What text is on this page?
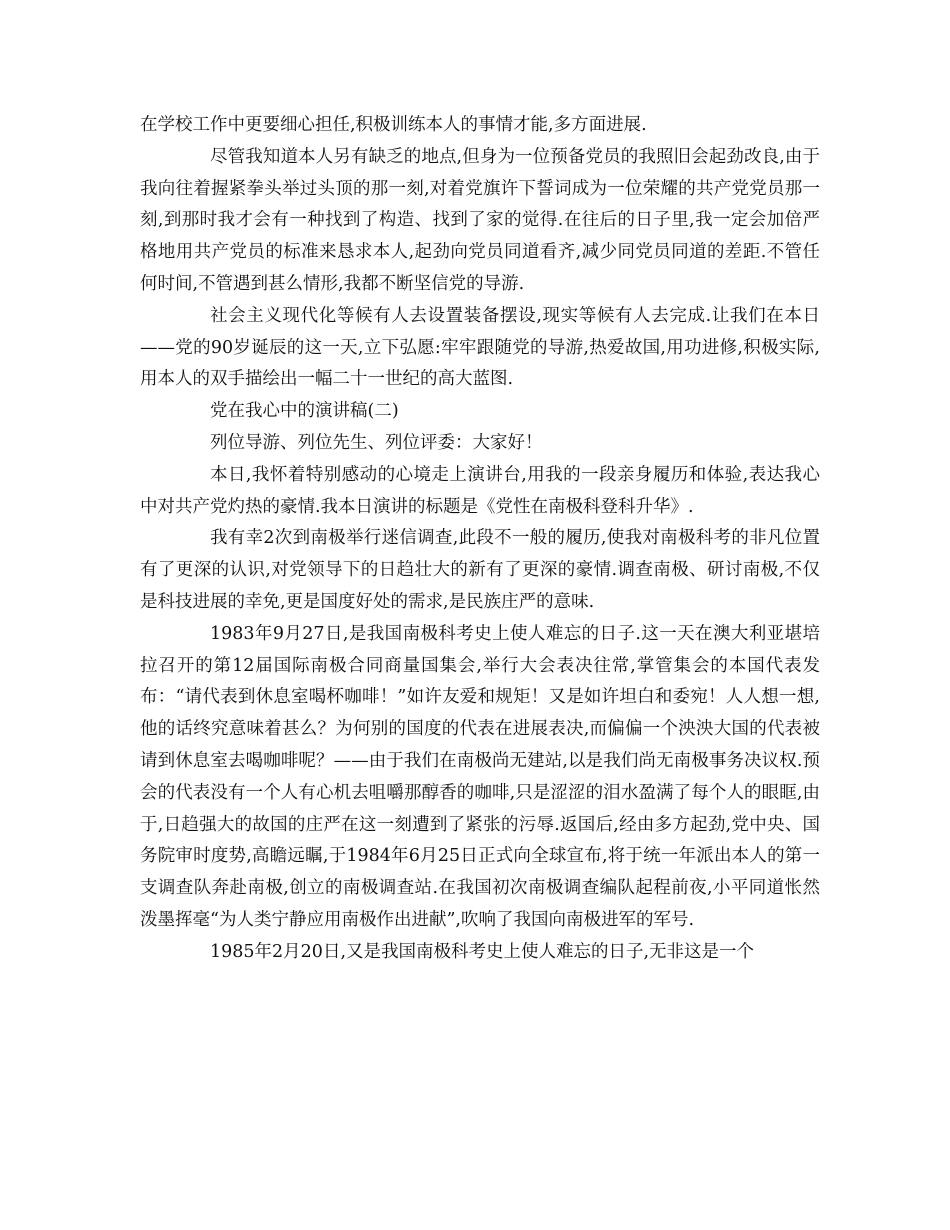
在学校工作中更要细心担任,积极训练本人的事情才能,多方面进展.

尽管我知道本人另有缺乏的地点,但身为一位预备党员的我照旧会起劲改良,由于我向往着握紧拳头举过头顶的那一刻,对着党旗许下誓词成为一位荣耀的共产党党员那一刻,到那时我才会有一种找到了构造、找到了家的觉得.在往后的日子里,我一定会加倍严格地用共产党员的标准来恳求本人,起劲向党员同道看齐,减少同党员同道的差距.不管任何时间,不管遇到甚么情形,我都不断坚信党的导游.

社会主义现代化等候有人去设置装备摆设,现实等候有人去完成.让我们在本日——党的90岁诞辰的这一天,立下弘愿:牢牢跟随党的导游,热爱故国,用功进修,积极实际,用本人的双手描绘出一幅二十一世纪的高大蓝图.

党在我心中的演讲稿(二)

列位导游、列位先生、列位评委：大家好！

本日,我怀着特别感动的心境走上演讲台,用我的一段亲身履历和体验,表达我心中对共产党灼热的豪情.我本日演讲的标题是《党性在南极科登科升华》.

我有幸2次到南极举行迷信调查,此段不一般的履历,使我对南极科考的非凡位置有了更深的认识,对党领导下的日趋壮大的新有了更深的豪情.调查南极、研讨南极,不仅是科技进展的幸免,更是国度好处的需求,是民族庄严的意味.

1983年9月27日,是我国南极科考史上使人难忘的日子.这一天在澳大利亚堪培拉召开的第12届国际南极合同商量国集会,举行大会表决往常,掌管集会的本国代表发布：“请代表到休息室喝杯咖啡！”如许友爱和规矩！又是如许坦白和委宛！人人想一想,他的话终究意味着甚么？为何别的国度的代表在进展表决,而偏偏一个泱泱大国的代表被请到休息室去喝咖啡呢？——由于我们在南极尚无建站,以是我们尚无南极事务决议权.预会的代表没有一个人有心机去咀嚼那醇香的咖啡,只是涩涩的泪水盈满了每个人的眼眶,由于,日趋强大的故国的庄严在这一刻遭到了紧张的污辱.返国后,经由多方起劲,党中央、国务院审时度势,高瞻远瞩,于1984年6月25日正式向全球宣布,将于统一年派出本人的第一支调查队奔赴南极,创立的南极调查站.在我国初次南极调查编队起程前夜,小平同道怅然泼墨挥毫“为人类宁静应用南极作出进献”,吹响了我国向南极进军的军号.

1985年2月20日,又是我国南极科考史上使人难忘的日子,无非这是一个
